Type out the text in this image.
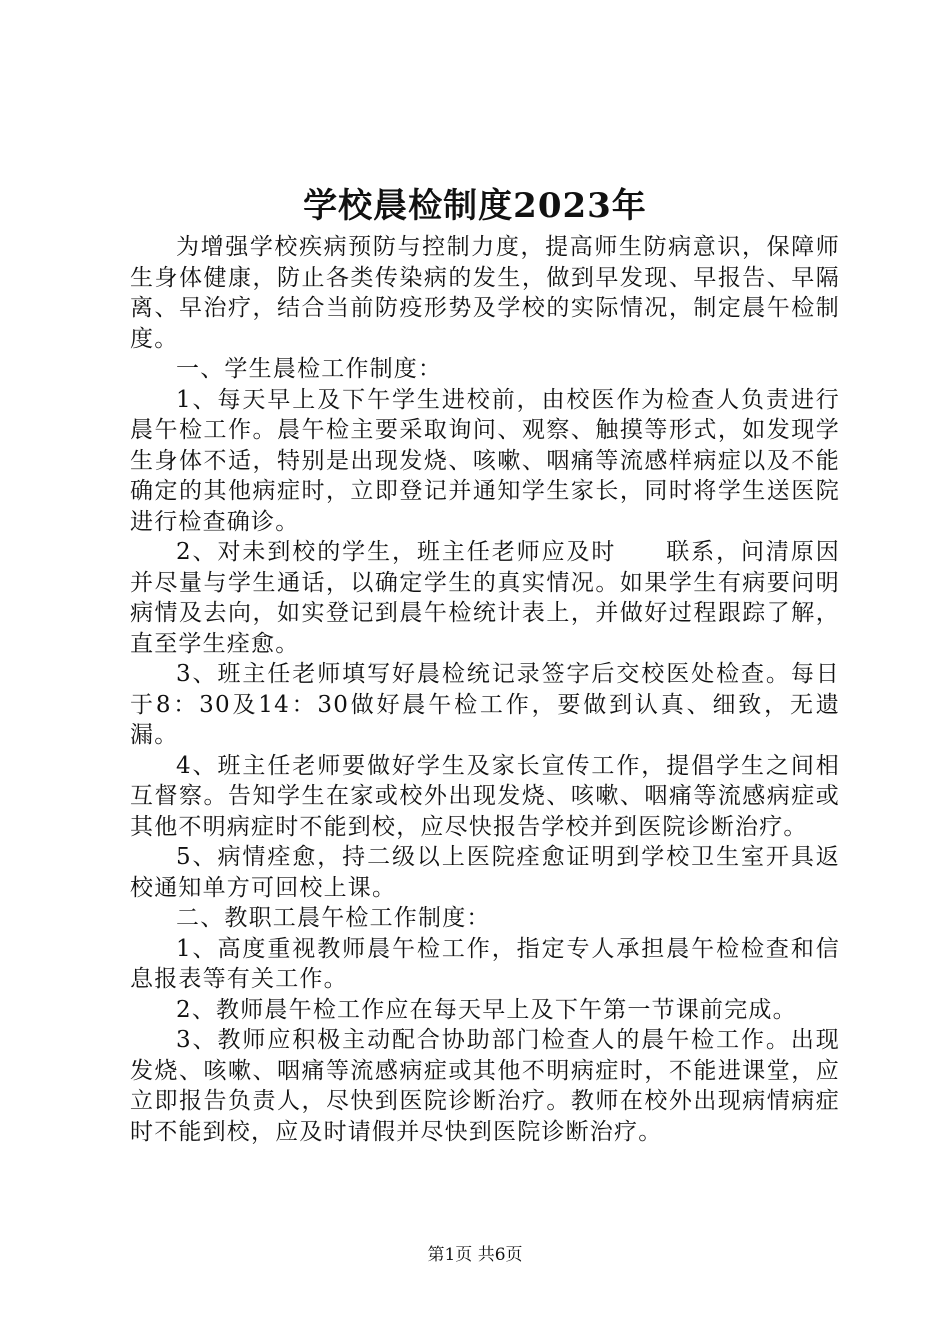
学校晨检制度2023年

为增强学校疾病预防与控制力度，提高师生防病意识，保障师生身体健康，防止各类传染病的发生，做到早发现、早报告、早隔离、早治疗，结合当前防疫形势及学校的实际情况，制定晨午检制度。

一、学生晨检工作制度：

1、每天早上及下午学生进校前，由校医作为检查人负责进行晨午检工作。晨午检主要采取询问、观察、触摸等形式，如发现学生身体不适，特别是出现发烧、咳嗽、咽痛等流感样病症以及不能确定的其他病症时，立即登记并通知学生家长，同时将学生送医院进行检查确诊。

2、对未到校的学生，班主任老师应及时　　联系，问清原因并尽量与学生通话，以确定学生的真实情况。如果学生有病要问明病情及去向，如实登记到晨午检统计表上，并做好过程跟踪了解，直至学生痊愈。

3、班主任老师填写好晨检统记录签字后交校医处检查。每日于8：30及14：30做好晨午检工作，要做到认真、细致，无遗漏。

4、班主任老师要做好学生及家长宣传工作，提倡学生之间相互督察。告知学生在家或校外出现发烧、咳嗽、咽痛等流感病症或其他不明病症时不能到校，应尽快报告学校并到医院诊断治疗。

5、病情痊愈，持二级以上医院痊愈证明到学校卫生室开具返校通知单方可回校上课。

二、教职工晨午检工作制度：

1、高度重视教师晨午检工作，指定专人承担晨午检检查和信息报表等有关工作。

2、教师晨午检工作应在每天早上及下午第一节课前完成。

3、教师应积极主动配合协助部门检查人的晨午检工作。出现发烧、咳嗽、咽痛等流感病症或其他不明病症时，不能进课堂，应立即报告负责人，尽快到医院诊断治疗。教师在校外出现病情病症时不能到校，应及时请假并尽快到医院诊断治疗。

第1页 共6页
